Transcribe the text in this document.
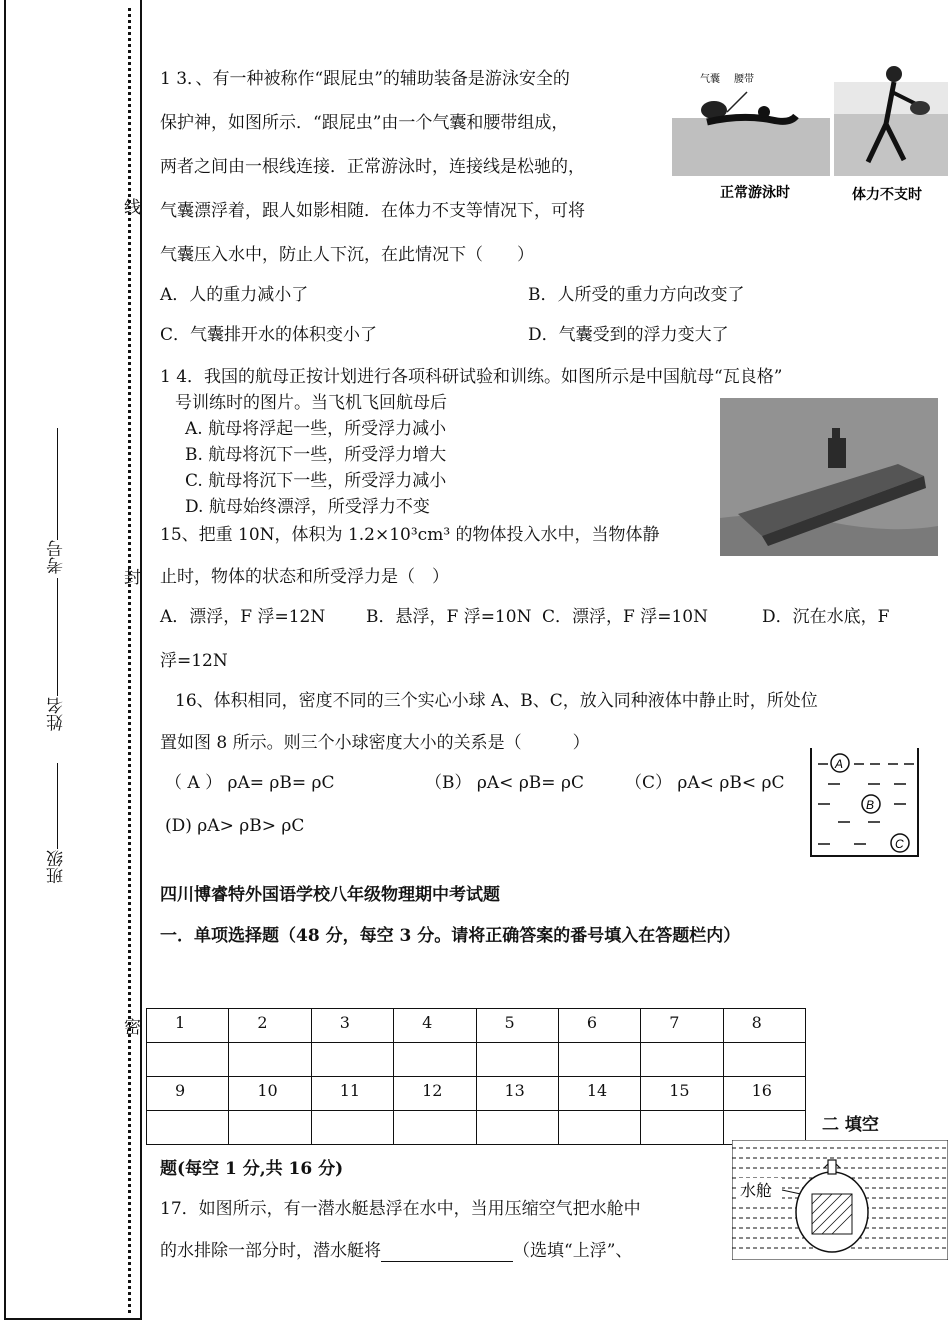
线
封
密
考号
姓名
班级
1 3．、有一种被称作“跟屁虫”的辅助装备是游泳安全的
保护神，如图所示．“跟屁虫”由一个气囊和腰带组成，
两者之间由一根线连接．正常游泳时，连接线是松驰的，
气囊漂浮着，跟人如影相随．在体力不支等情况下，可将
气囊压入水中，防止人下沉，在此情况下（　　）
A．人的重力减小了	B．人所受的重力方向改变了
C．气囊排开水的体积变小了	D．气囊受到的浮力变大了
气囊 腰带
正常游泳时	体力不支时
1 4．我国的航母正按计划进行各项科研试验和训练。如图所示是中国航母“瓦良格”
号训练时的图片。当飞机飞回航母后
A. 航母将浮起一些，所受浮力减小
B. 航母将沉下一些，所受浮力增大
C. 航母将沉下一些，所受浮力减小
D. 航母始终漂浮，所受浮力不变
15、把重 10N，体积为 1.2×10³cm³ 的物体投入水中，当物体静
止时，物体的状态和所受浮力是（　）
A．漂浮，F 浮=12N B．悬浮，F 浮=10N C．漂浮，F 浮=10N	D．沉在水底，F
浮=12N
16、体积相同，密度不同的三个实心小球 A、B、C，放入同种液体中静止时，所处位
置如图 8 所示。则三个小球密度大小的关系是（　　　）
（ A ） ρA= ρB= ρC	（B） ρA< ρB= ρC （C） ρA< ρB< ρC
(D) ρA> ρB> ρC
A
B
C
四川博睿特外国语学校八年级物理期中考试题
一．单项选择题（48 分，每空 3 分。请将正确答案的番号填入在答题栏内）
1	2	3	4	5	6	7	8

9	10	11	12	13	14	15	16

二 填空
题(每空 1 分,共 16 分)
17．如图所示，有一潜水艇悬浮在水中，当用压缩空气把水舱中
的水排除一部分时，潜水艇将	（选填“上浮”、
水舱
